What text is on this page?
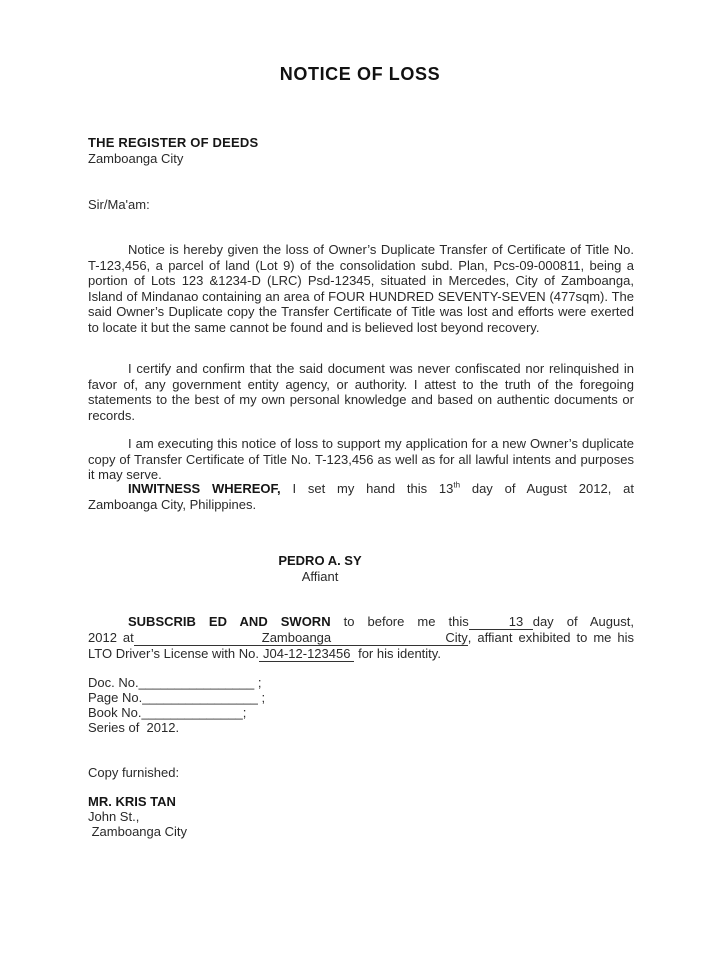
NOTICE OF LOSS
THE REGISTER OF DEEDS
Zamboanga City
Sir/Ma'am:

Notice is hereby given the loss of Owner’s Duplicate Transfer of Certificate of Title No. T-123,456, a parcel of land (Lot 9) of the consolidation subd. Plan, Pcs-09-000811, being a portion of Lots 123 &1234-D (LRC) Psd-12345, situated in Mercedes, City of Zamboanga, Island of Mindanao containing an area of FOUR HUNDRED SEVENTY-SEVEN (477sqm). The said Owner’s Duplicate copy the Transfer Certificate of Title was lost and efforts were exerted to locate it but the same cannot be found and is believed lost beyond recovery.

I certify and confirm that the said document was never confiscated nor relinquished in favor of, any government entity agency, or authority. I attest to the truth of the foregoing statements to the best of my own personal knowledge and based on authentic documents or records.

I am executing this notice of loss to support my application for a new Owner’s duplicate copy of Transfer Certificate of Title No. T-123,456 as well as for all lawful intents and purposes it may serve.

INWITNESS WHEREOF, I set my hand this 13th day of August 2012, at
Zamboanga City, Philippines.
PEDRO A. SY
Affiant
SUBSCRIB ED AND SWORN to before me this	13 day of August,
2012 at	Zamboanga City, affiant exhibited to me his
LTO Driver’s License with No. J04-12-123456 for his identity.
Doc. No.________________ ;
Page No.________________ ;
Book No.______________;
Series of  2012.
Copy furnished:
MR. KRIS TAN
John St.,
Zamboanga City
